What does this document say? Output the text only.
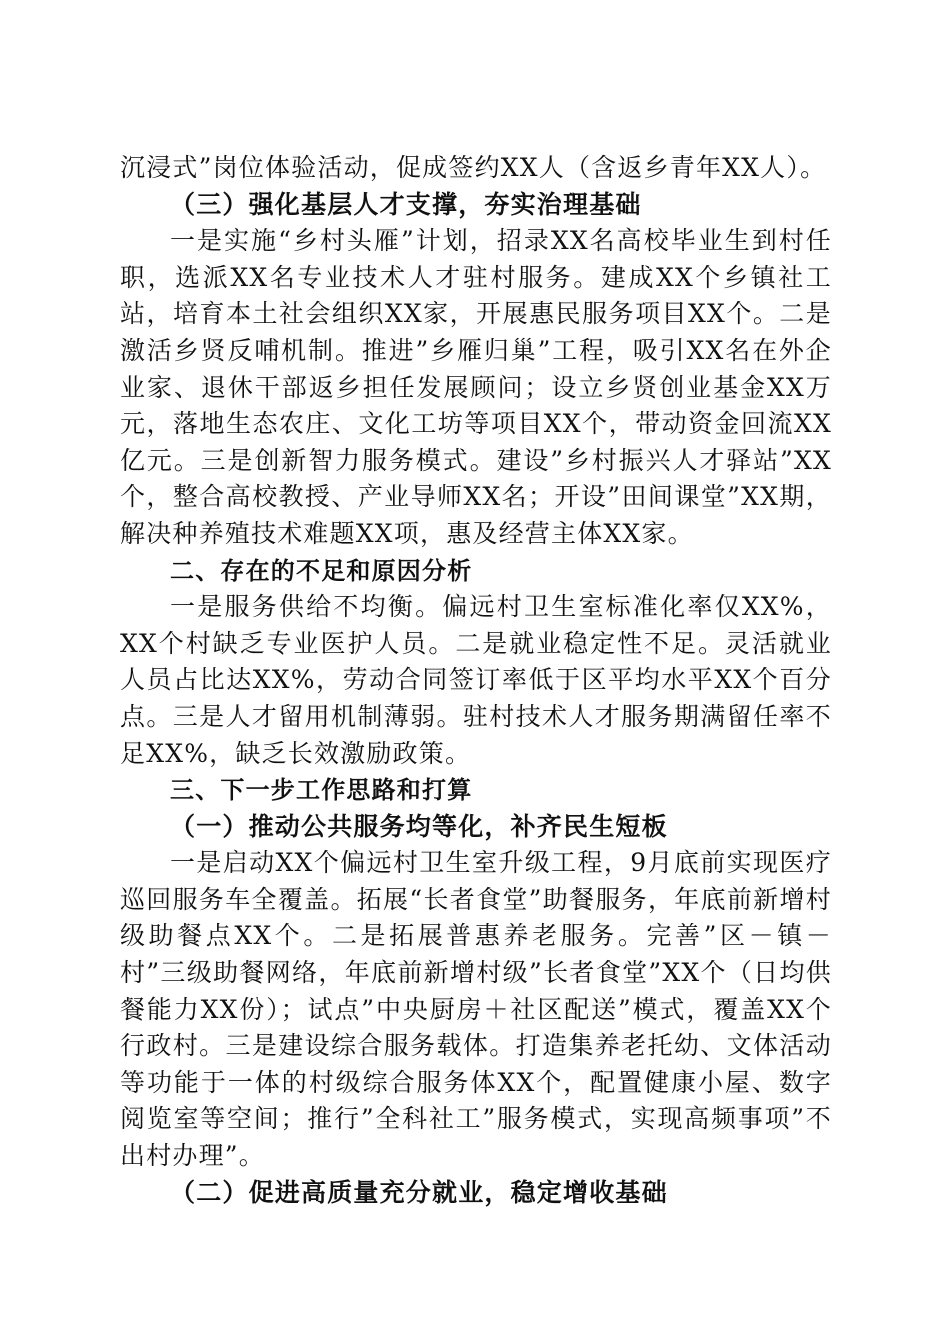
沉浸式”岗位体验活动，促成签约XX人（含返乡青年XX人）。

（三）强化基层人才支撑，夯实治理基础

一是实施“乡村头雁”计划，招录XX名高校毕业生到村任职，选派XX名专业技术人才驻村服务。建成XX个乡镇社工站，培育本土社会组织XX家，开展惠民服务项目XX个。二是激活乡贤反哺机制。推进”乡雁归巢”工程，吸引XX名在外企业家、退休干部返乡担任发展顾问；设立乡贤创业基金XX万元，落地生态农庄、文化工坊等项目XX个，带动资金回流XX亿元。三是创新智力服务模式。建设”乡村振兴人才驿站”XX个，整合高校教授、产业导师XX名；开设”田间课堂”XX期，解决种养殖技术难题XX项，惠及经营主体XX家。

二、存在的不足和原因分析

一是服务供给不均衡。偏远村卫生室标准化率仅XX%，XX个村缺乏专业医护人员。二是就业稳定性不足。灵活就业人员占比达XX%，劳动合同签订率低于区平均水平XX个百分点。三是人才留用机制薄弱。驻村技术人才服务期满留任率不足XX%，缺乏长效激励政策。

三、下一步工作思路和打算

（一）推动公共服务均等化，补齐民生短板

一是启动XX个偏远村卫生室升级工程，9月底前实现医疗巡回服务车全覆盖。拓展“长者食堂”助餐服务，年底前新增村级助餐点XX个。二是拓展普惠养老服务。完善”区－镇－村”三级助餐网络，年底前新增村级”长者食堂”XX个（日均供餐能力XX份）；试点”中央厨房＋社区配送”模式，覆盖XX个行政村。三是建设综合服务载体。打造集养老托幼、文体活动等功能于一体的村级综合服务体XX个，配置健康小屋、数字阅览室等空间；推行”全科社工”服务模式，实现高频事项”不出村办理”。

（二）促进高质量充分就业，稳定增收基础
